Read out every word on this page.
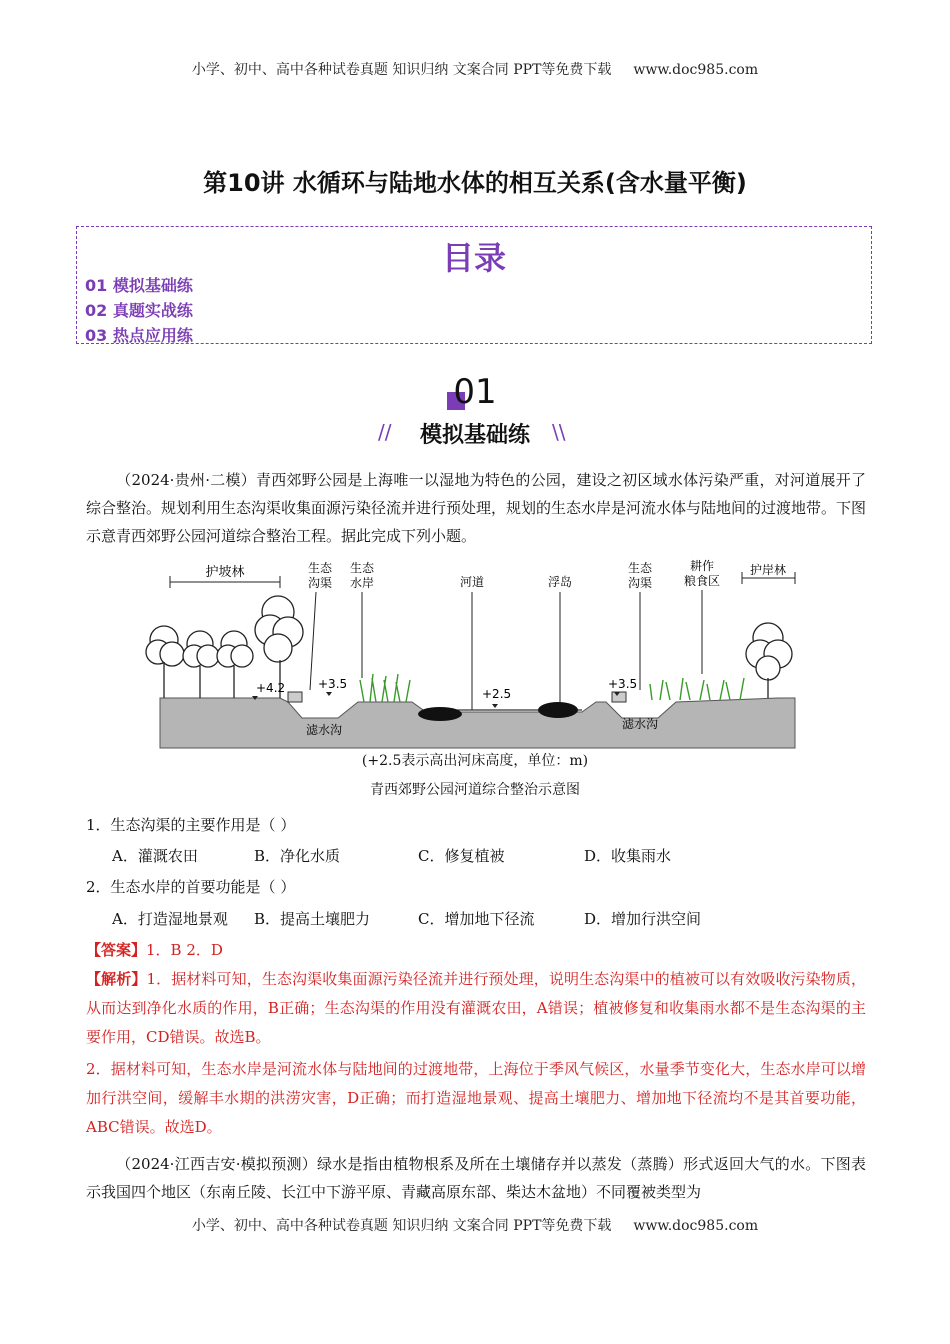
小学、初中、高中各种试卷真题 知识归纳 文案合同 PPT等免费下载 www.doc985.com
第10讲 水循环与陆地水体的相互关系(含水量平衡)
目录
01 模拟基础练
02 真题实战练
03 热点应用练
01
//	模拟基础练	\\
（2024·贵州·二模）青西郊野公园是上海唯一以湿地为特色的公园，建设之初区域水体污染严重，对河道展开了综合整治。规划利用生态沟渠收集面源污染径流并进行预处理，规划的生态水岸是河流水体与陆地间的过渡地带。下图示意青西郊野公园河道综合整治工程。据此完成下列小题。
护坡林	生态沟渠
生态水岸	河道	浮岛
生态沟渠
耕作粮食区
护岸林
+4.2	+3.5
+2.5
+3.5
滤水沟	滤水沟
(+2.5表示高出河床高度，单位：m)
青西郊野公园河道综合整治示意图
1．生态沟渠的主要作用是（ ）
A．灌溉农田	B．净化水质	C．修复植被	D．收集雨水
2．生态水岸的首要功能是（ ）
A．打造湿地景观 B．提高土壤肥力	C．增加地下径流	D．增加行洪空间
【答案】1．B 2．D
【解析】1．据材料可知，生态沟渠收集面源污染径流并进行预处理，说明生态沟渠中的植被可以有效吸收污染物质，从而达到净化水质的作用，B正确；生态沟渠的作用没有灌溉农田，A错误；植被修复和收集雨水都不是生态沟渠的主要作用，CD错误。故选B。
2．据材料可知，生态水岸是河流水体与陆地间的过渡地带，上海位于季风气候区，水量季节变化大，生态水岸可以增加行洪空间，缓解丰水期的洪涝灾害，D正确；而打造湿地景观、提高土壤肥力、增加地下径流均不是其首要功能，ABC错误。故选D。
（2024·江西吉安·模拟预测）绿水是指由植物根系及所在土壤储存并以蒸发（蒸腾）形式返回大气的水。下图表示我国四个地区（东南丘陵、长江中下游平原、青藏高原东部、柴达木盆地）不同覆被类型为
小学、初中、高中各种试卷真题 知识归纳 文案合同 PPT等免费下载 www.doc985.com
